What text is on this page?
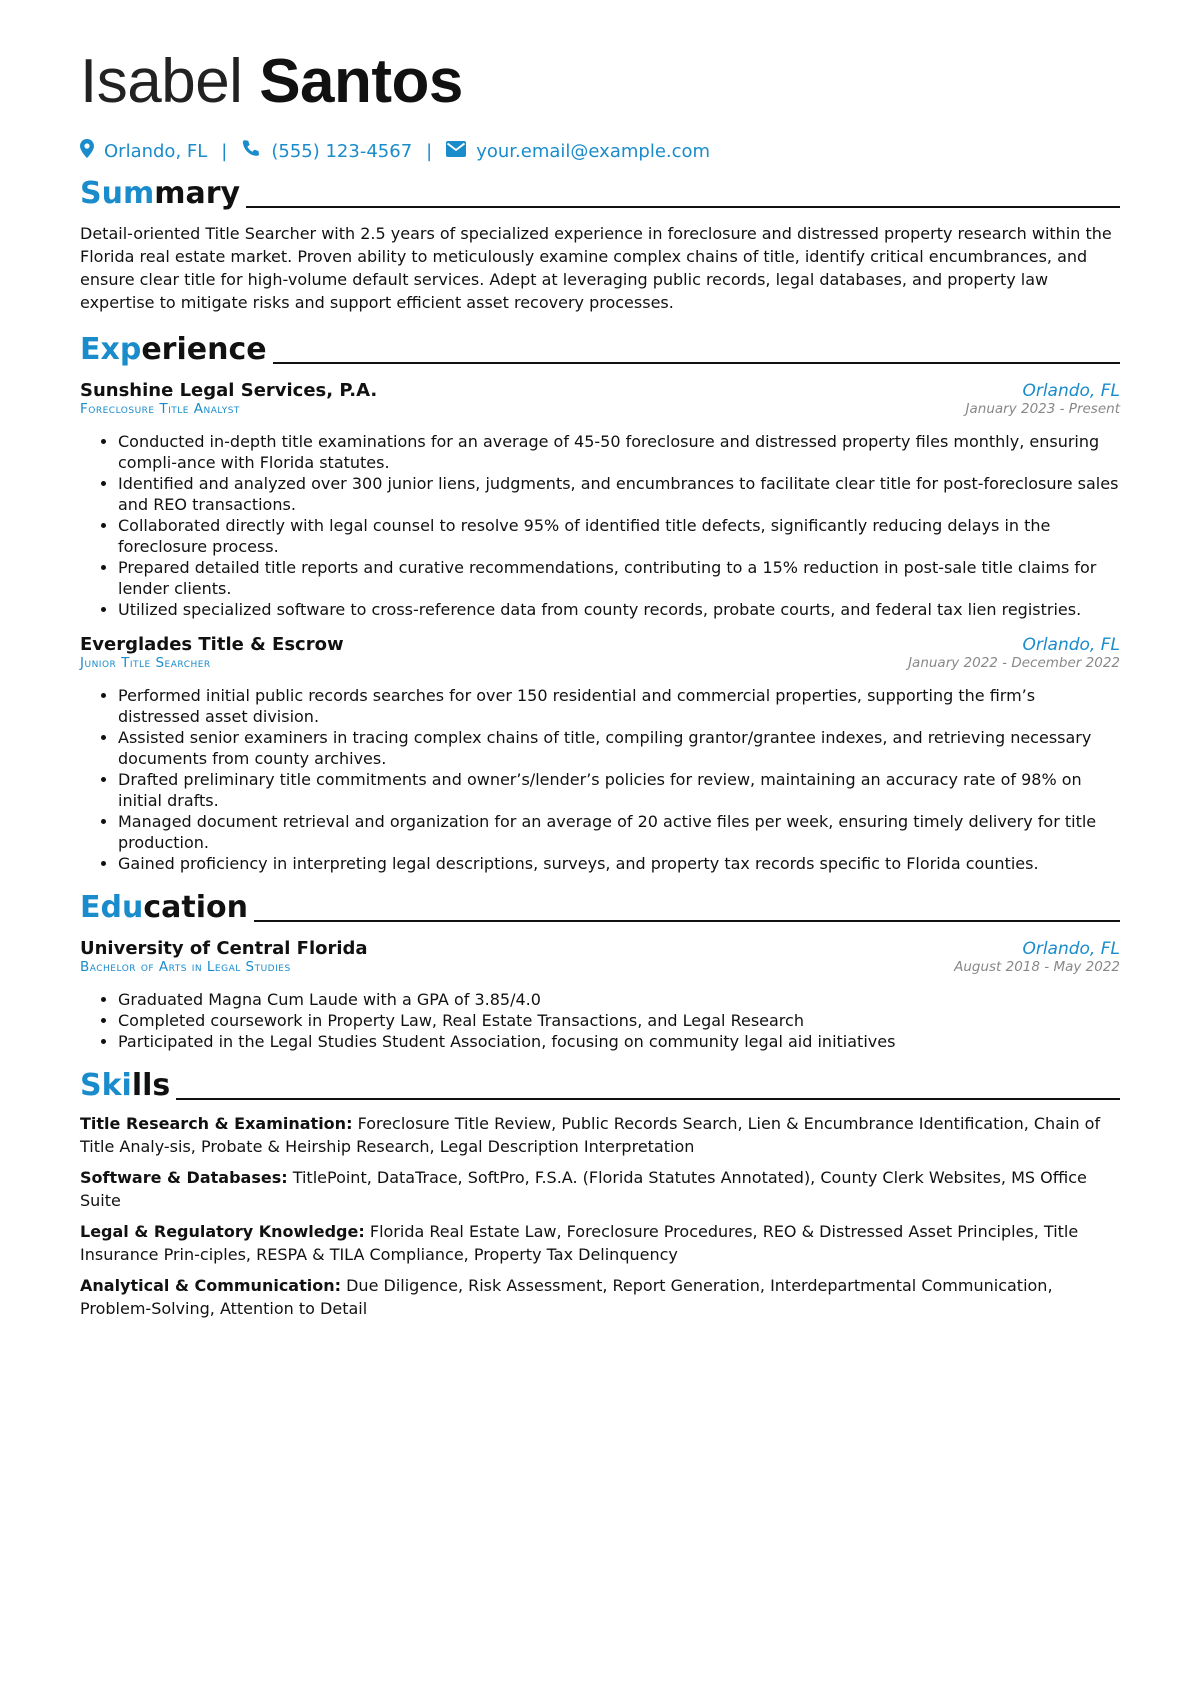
Isabel Santos
Orlando, FL | (555) 123-4567 | your.email@example.com
Summary

Detail-oriented Title Searcher with 2.5 years of specialized experience in foreclosure and distressed property research within the Florida real estate market. Proven ability to meticulously examine complex chains of title, identify critical encumbrances, and ensure clear title for high-volume default services. Adept at leveraging public records, legal databases, and property law expertise to mitigate risks and support efficient asset recovery processes.

Experience
Sunshine Legal Services, P.A.	Orlando, FL
Foreclosure Title Analyst	January 2023 - Present
• Conducted in-depth title examinations for an average of 45-50 foreclosure and distressed property files monthly, ensuring compli-ance with Florida statutes.
• Identified and analyzed over 300 junior liens, judgments, and encumbrances to facilitate clear title for post-foreclosure sales and REO transactions.
• Collaborated directly with legal counsel to resolve 95% of identified title defects, significantly reducing delays in the foreclosure process.
• Prepared detailed title reports and curative recommendations, contributing to a 15% reduction in post-sale title claims for lender clients.
• Utilized specialized software to cross-reference data from county records, probate courts, and federal tax lien registries.
Everglades Title & Escrow	Orlando, FL
Junior Title Searcher	January 2022 - December 2022
• Performed initial public records searches for over 150 residential and commercial properties, supporting the firm’s distressed asset division.
• Assisted senior examiners in tracing complex chains of title, compiling grantor/grantee indexes, and retrieving necessary documents from county archives.
• Drafted preliminary title commitments and owner’s/lender’s policies for review, maintaining an accuracy rate of 98% on initial drafts.
• Managed document retrieval and organization for an average of 20 active files per week, ensuring timely delivery for title production.
• Gained proficiency in interpreting legal descriptions, surveys, and property tax records specific to Florida counties.
Education
University of Central Florida	Orlando, FL
Bachelor of Arts in Legal Studies	August 2018 - May 2022
• Graduated Magna Cum Laude with a GPA of 3.85/4.0
• Completed coursework in Property Law, Real Estate Transactions, and Legal Research
• Participated in the Legal Studies Student Association, focusing on community legal aid initiatives
Skills
Title Research & Examination: Foreclosure Title Review, Public Records Search, Lien & Encumbrance Identification, Chain of Title Analy-sis, Probate & Heirship Research, Legal Description Interpretation
Software & Databases: TitlePoint, DataTrace, SoftPro, F.S.A. (Florida Statutes Annotated), County Clerk Websites, MS Office Suite
Legal & Regulatory Knowledge: Florida Real Estate Law, Foreclosure Procedures, REO & Distressed Asset Principles, Title Insurance Prin-ciples, RESPA & TILA Compliance, Property Tax Delinquency
Analytical & Communication: Due Diligence, Risk Assessment, Report Generation, Interdepartmental Communication, Problem-Solving, Attention to Detail
